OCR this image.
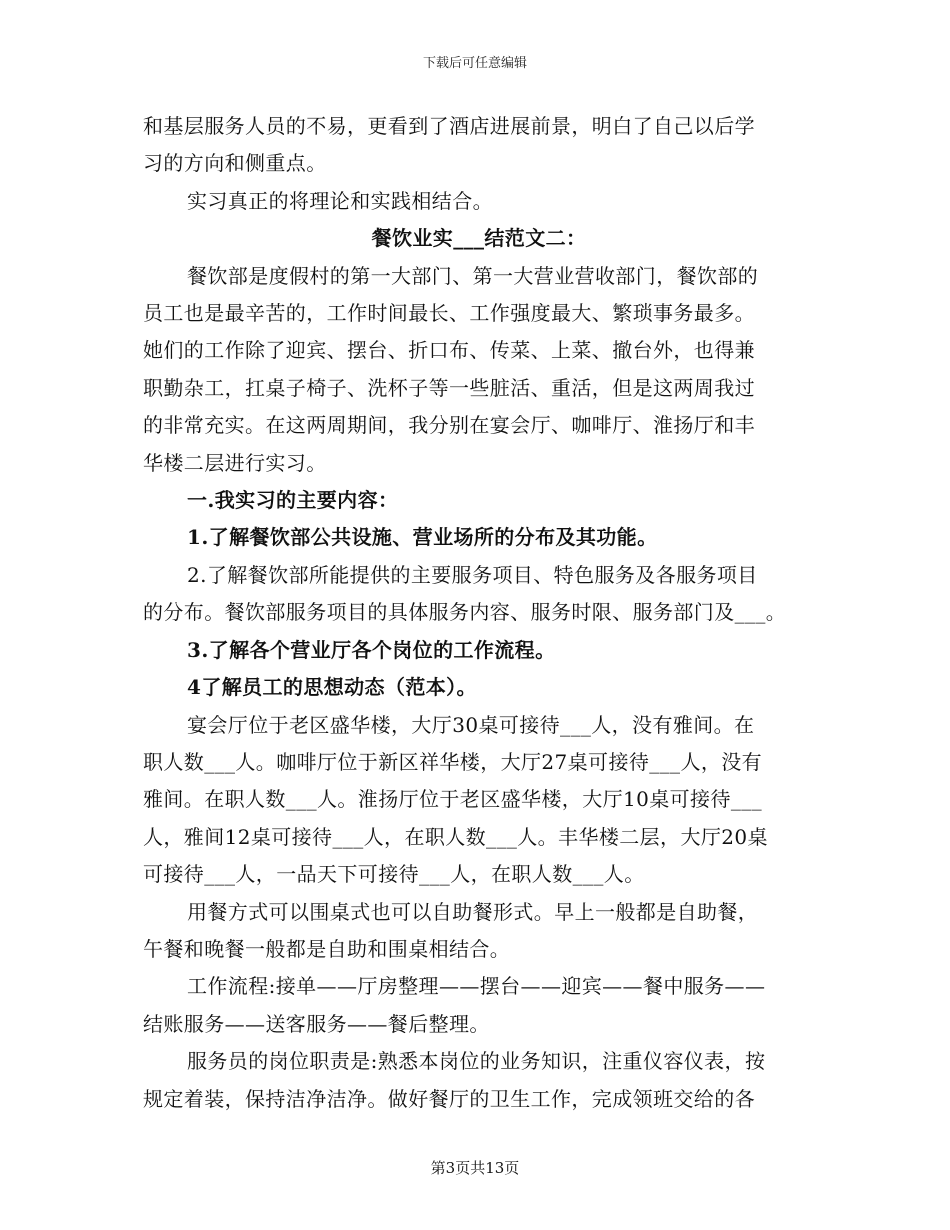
下载后可任意编辑
和基层服务人员的不易，更看到了酒店进展前景，明白了自己以后学
习的方向和侧重点。
实习真正的将理论和实践相结合。
餐饮业实___结范文二：
餐饮部是度假村的第一大部门、第一大营业营收部门，餐饮部的
员工也是最辛苦的，工作时间最长、工作强度最大、繁琐事务最多。
她们的工作除了迎宾、摆台、折口布、传菜、上菜、撤台外，也得兼
职勤杂工，扛桌子椅子、洗杯子等一些脏活、重活，但是这两周我过
的非常充实。在这两周期间，我分别在宴会厅、咖啡厅、淮扬厅和丰
华楼二层进行实习。
一.我实习的主要内容：
1.了解餐饮部公共设施、营业场所的分布及其功能。
2.了解餐饮部所能提供的主要服务项目、特色服务及各服务项目
的分布。餐饮部服务项目的具体服务内容、服务时限、服务部门及___。
3.了解各个营业厅各个岗位的工作流程。
4了解员工的思想动态（范本）。
宴会厅位于老区盛华楼，大厅30桌可接待___人，没有雅间。在
职人数___人。咖啡厅位于新区祥华楼，大厅27桌可接待___人，没有
雅间。在职人数___人。淮扬厅位于老区盛华楼，大厅10桌可接待___
人，雅间12桌可接待___人，在职人数___人。丰华楼二层，大厅20桌
可接待___人，一品天下可接待___人，在职人数___人。
用餐方式可以围桌式也可以自助餐形式。早上一般都是自助餐，
午餐和晚餐一般都是自助和围桌相结合。
工作流程:接单——厅房整理——摆台——迎宾——餐中服务——
结账服务——送客服务——餐后整理。
服务员的岗位职责是:熟悉本岗位的业务知识，注重仪容仪表，按
规定着装，保持洁净洁净。做好餐厅的卫生工作，完成领班交给的各
第3页共13页
